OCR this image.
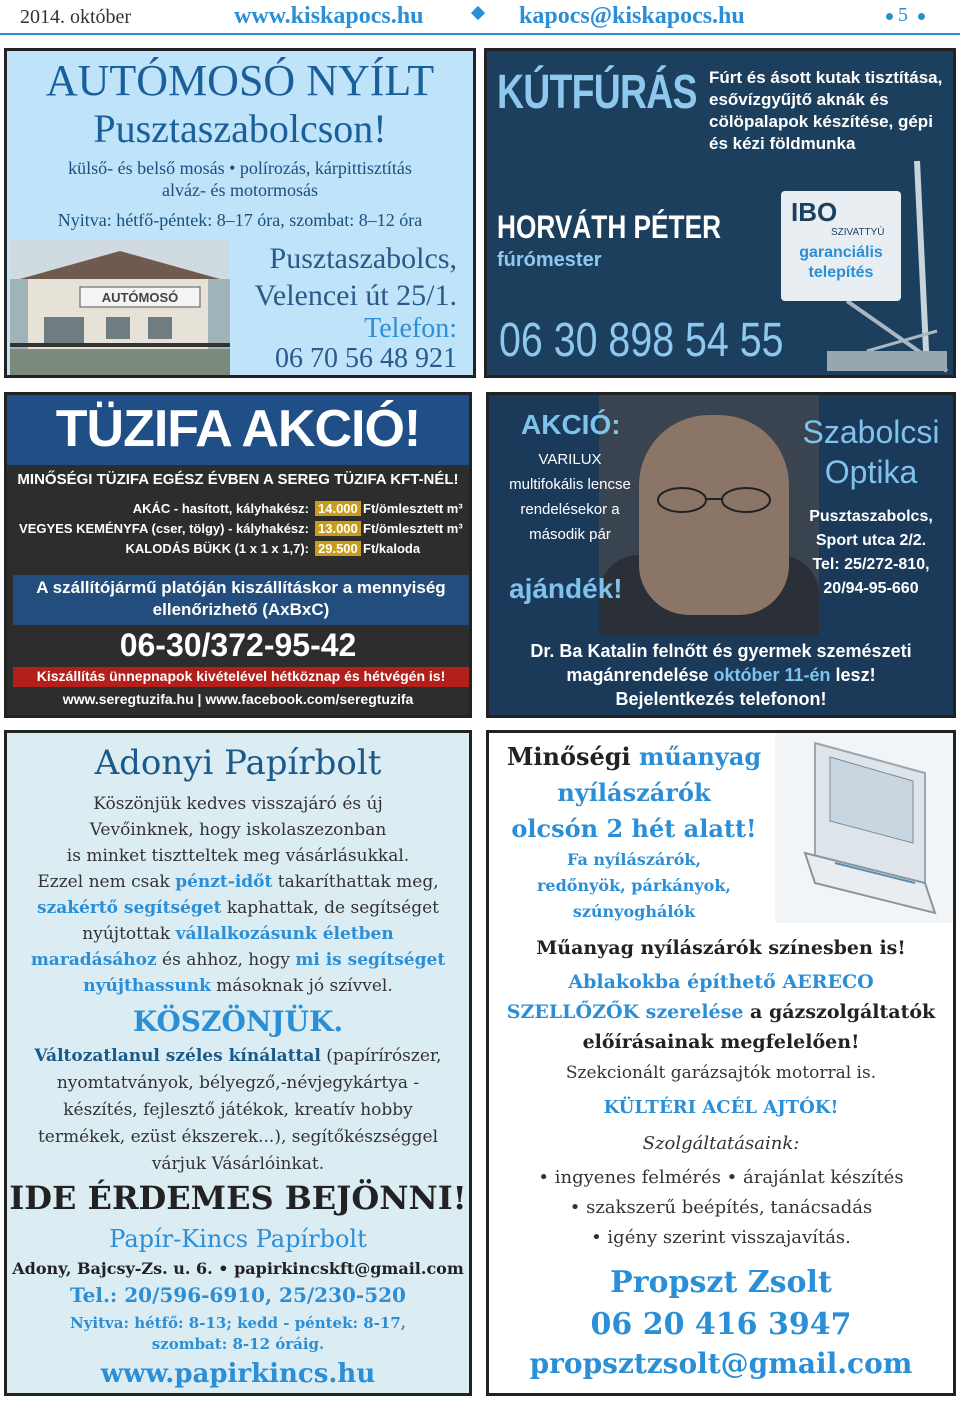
2014. október	www.kiskapocs.hu	kapocs@kiskapocs.hu	5
AUTÓMOSÓ NYÍLT
Pusztaszabolcson!
külső- és belső mosás • polírozás, kárpittisztítás
alváz- és motormosás
Nyitva: hétfő-péntek: 8–17 óra, szombat: 8–12 óra
AUTÓMOSÓ
Pusztaszabolcs,
Velencei út 25/1.
Telefon:
06 70 56 48 921
KÚTFÚRÁS Fúrt és ásott kutak tisztítása, esővízgyűjtő aknák és cölöpalapok készítése, gépi és kézi földmunka
IBO
SZIVATTYÚ
garanciális telepítés
HORVÁTH PÉTER
fúrómester
06 30 898 54 55
TÜZIFA AKCIÓ!
MINŐSÉGI TÜZIFA EGÉSZ ÉVBEN A SEREG TÜZIFA KFT-NÉL!
AKÁC - hasított, kályhakész: 14.000 Ft/ömlesztett m³
VEGYES KEMÉNYFA (cser, tölgy) - kályhakész: 13.000 Ft/ömlesztett m³
KALODÁS BÜKK (1 x 1 x 1,7): 29.500 Ft/kaloda
A szállítójármű platóján kiszállításkor a mennyiség
ellenőrizhető (AxBxC)
06-30/372-95-42
Kiszállítás ünnepnapok kivételével hétköznap és hétvégén is!
www.seregtuzifa.hu | www.facebook.com/seregtuzifa
AKCIÓ:
VARILUX multifokális lencse rendelésekor a második pár
ajándék!
Szabolcsi
Optika
Pusztaszabolcs,
Sport utca 2/2.
Tel: 25/272-810,
20/94-95-660
Dr. Ba Katalin felnőtt és gyermek szemészeti
magánrendelése október 11-én lesz!
Bejelentkezés telefonon!
Adonyi Papírbolt
Köszönjük kedves visszajáró és új
Vevőinknek, hogy iskolaszezonban
is minket tisztteltek meg vásárlásukkal.
Ezzel nem csak pénzt-időt takaríthattak meg, szakértő segítséget kaphattak, de segítséget nyújtottak vállalkozásunk életben maradásához és ahhoz, hogy mi is segítséget nyújthassunk másoknak jó szívvel.
KÖSZÖNJÜK.
Változatlanul széles kínálattal (papírírószer, nyomtatványok, bélyegző,-névjegykártya - készítés, fejlesztő játékok, kreatív hobby termékek, ezüst ékszerek...), segítőkészséggel várjuk Vásárlóinkat.
IDE ÉRDEMES BEJÖNNI!
Papír-Kincs Papírbolt
Adony, Bajcsy-Zs. u. 6. • papirkincskft@gmail.com
Tel.: 20/596-6910, 25/230-520
Nyitva: hétfő: 8-13; kedd - péntek: 8-17,
szombat: 8-12 óráig.
www.papirkincs.hu
Minőségi műanyag nyílászárók
olcsón 2 hét alatt!
Fa nyílászárók,
redőnyök, párkányok,
szúnyoghálók
Műanyag nyílászárók színesben is!
Ablakokba építhető AERECO
SZELLŐZŐK szerelése a gázszolgáltatók
előírásainak megfelelően!
Szekcionált garázsajtók motorral is.
KÜLTÉRI ACÉL AJTÓK!
Szolgáltatásaink:
• ingyenes felmérés • árajánlat készítés
• szakszerű beépítés, tanácsadás
• igény szerint visszajavítás.
Propszt Zsolt
06 20 416 3947
propsztzsolt@gmail.com
